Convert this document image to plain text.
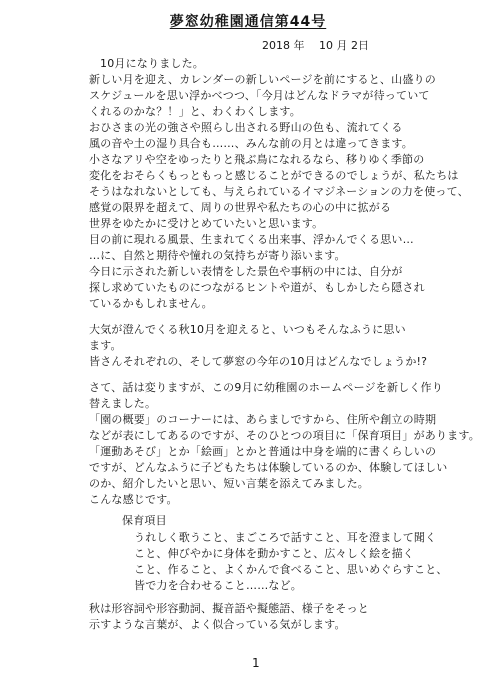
夢窓幼稚園通信第44号
2018 年　 10 月 2日
10月になりました。
新しい月を迎え、カレンダーの新しいページを前にすると、山盛りの
スケジュールを思い浮かべつつ、「今月はどんなドラマが待っていて
くれるのかな？！」と、わくわくします。
おひさまの光の強さや照らし出される野山の色も、流れてくる
風の音や土の湿り具合も……、みんな前の月とは違ってきます。
小さなアリや空をゆったりと飛ぶ鳥になれるなら、移りゆく季節の
変化をおそらくもっともっと感じることができるのでしょうが、私たちは
そうはなれないとしても、与えられているイマジネーションの力を使って、
感覚の限界を超えて、周りの世界や私たちの心の中に拡がる
世界をゆたかに受けとめていたいと思います。
目の前に現れる風景、生まれてくる出来事、浮かんでくる思い…
…に、自然と期待や憧れの気持ちが寄り添います。
今日に示された新しい表情をした景色や事柄の中には、自分が
探し求めていたものにつながるヒントや道が、もしかしたら隠され
ているかもしれません。
大気が澄んでくる秋10月を迎えると、いつもそんなふうに思い
ます。
皆さんそれぞれの、そして夢窓の今年の10月はどんなでしょうか!?
さて、話は変りますが、この9月に幼稚園のホームページを新しく作り
替えました。
「園の概要」のコーナーには、あらましですから、住所や創立の時期
などが表にしてあるのですが、そのひとつの項目に「保育項目」があります。
「運動あそび」とか「絵画」とかと普通は中身を端的に書くらしいの
ですが、どんなふうに子どもたちは体験しているのか、体験してほしい
のか、紹介したいと思い、短い言葉を添えてみました。
こんな感じです。
保育項目
うれしく歌うこと、まごころで話すこと、耳を澄まして聞く
こと、伸びやかに身体を動かすこと、広々しく絵を描く
こと、作ること、よくかんで食べること、思いめぐらすこと、
皆で力を合わせること……など。
秋は形容詞や形容動詞、擬音語や擬態語、様子をそっと
示すような言葉が、よく似合っている気がします。
1
